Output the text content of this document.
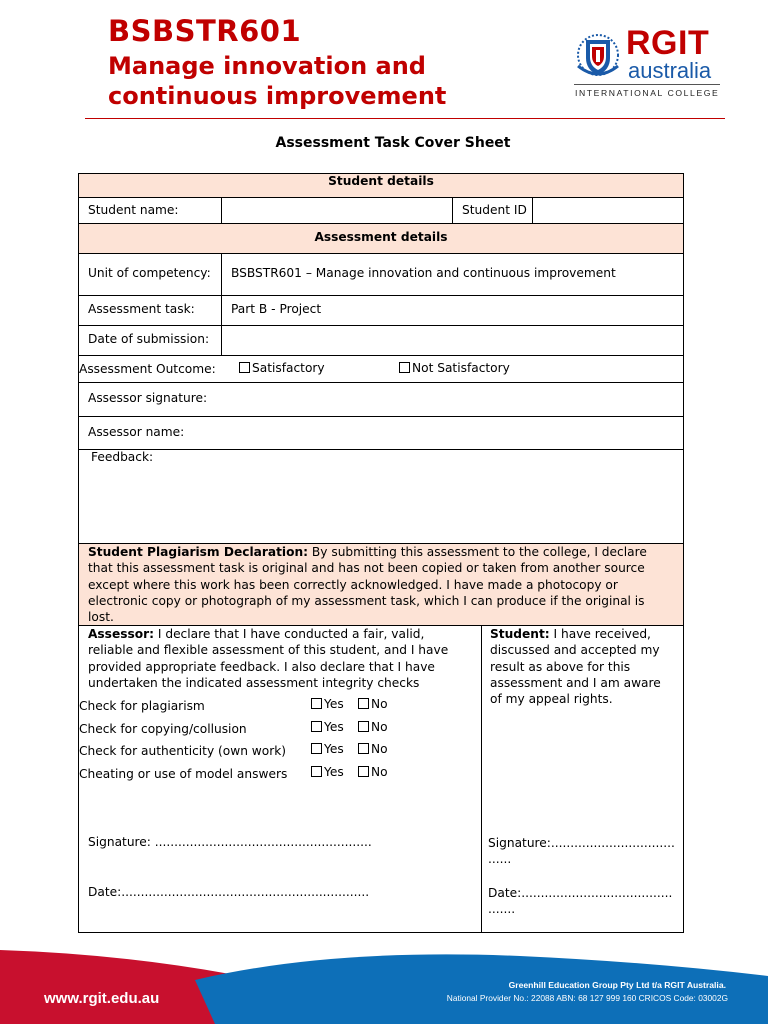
BSBSTR601
Manage innovation and
continuous improvement
RGIT
australia
INTERNATIONAL COLLEGE
Assessment Task Cover Sheet
Student details
Student name:	Student ID
Assessment details
Unit of competency: BSBSTR601 – Manage innovation and continuous improvement
Assessment task:	Part B - Project
Date of submission:
Assessment Outcome:	Satisfactory	Not Satisfactory
Assessor signature:
Assessor name:
Feedback:
Student Plagiarism Declaration: By submitting this assessment to the college, I declare
that this assessment task is original and has not been copied or taken from another source
except where this work has been correctly acknowledged. I have made a photocopy or
electronic copy or photograph of my assessment task, which I can produce if the original is
lost.
Assessor: I declare that I have conducted a fair, valid,
reliable and flexible assessment of this student, and I have
provided appropriate feedback. I also declare that I have
undertaken the indicated assessment integrity checks
Check for plagiarism	Yes	No
Check for copying/collusion	Yes	No
Check for authenticity (own work)	Yes	No
Cheating or use of model answers	Yes	No
Signature: ........................................................
Date:................................................................
Student: I have received,
discussed and accepted my
result as above for this
assessment and I am aware
of my appeal rights.
Signature:................................
......
Date:.......................................
.......
www.rgit.edu.au
Greenhill Education Group Pty Ltd t/a RGIT Australia.
National Provider No.: 22088 ABN: 68 127 999 160 CRICOS Code: 03002G
